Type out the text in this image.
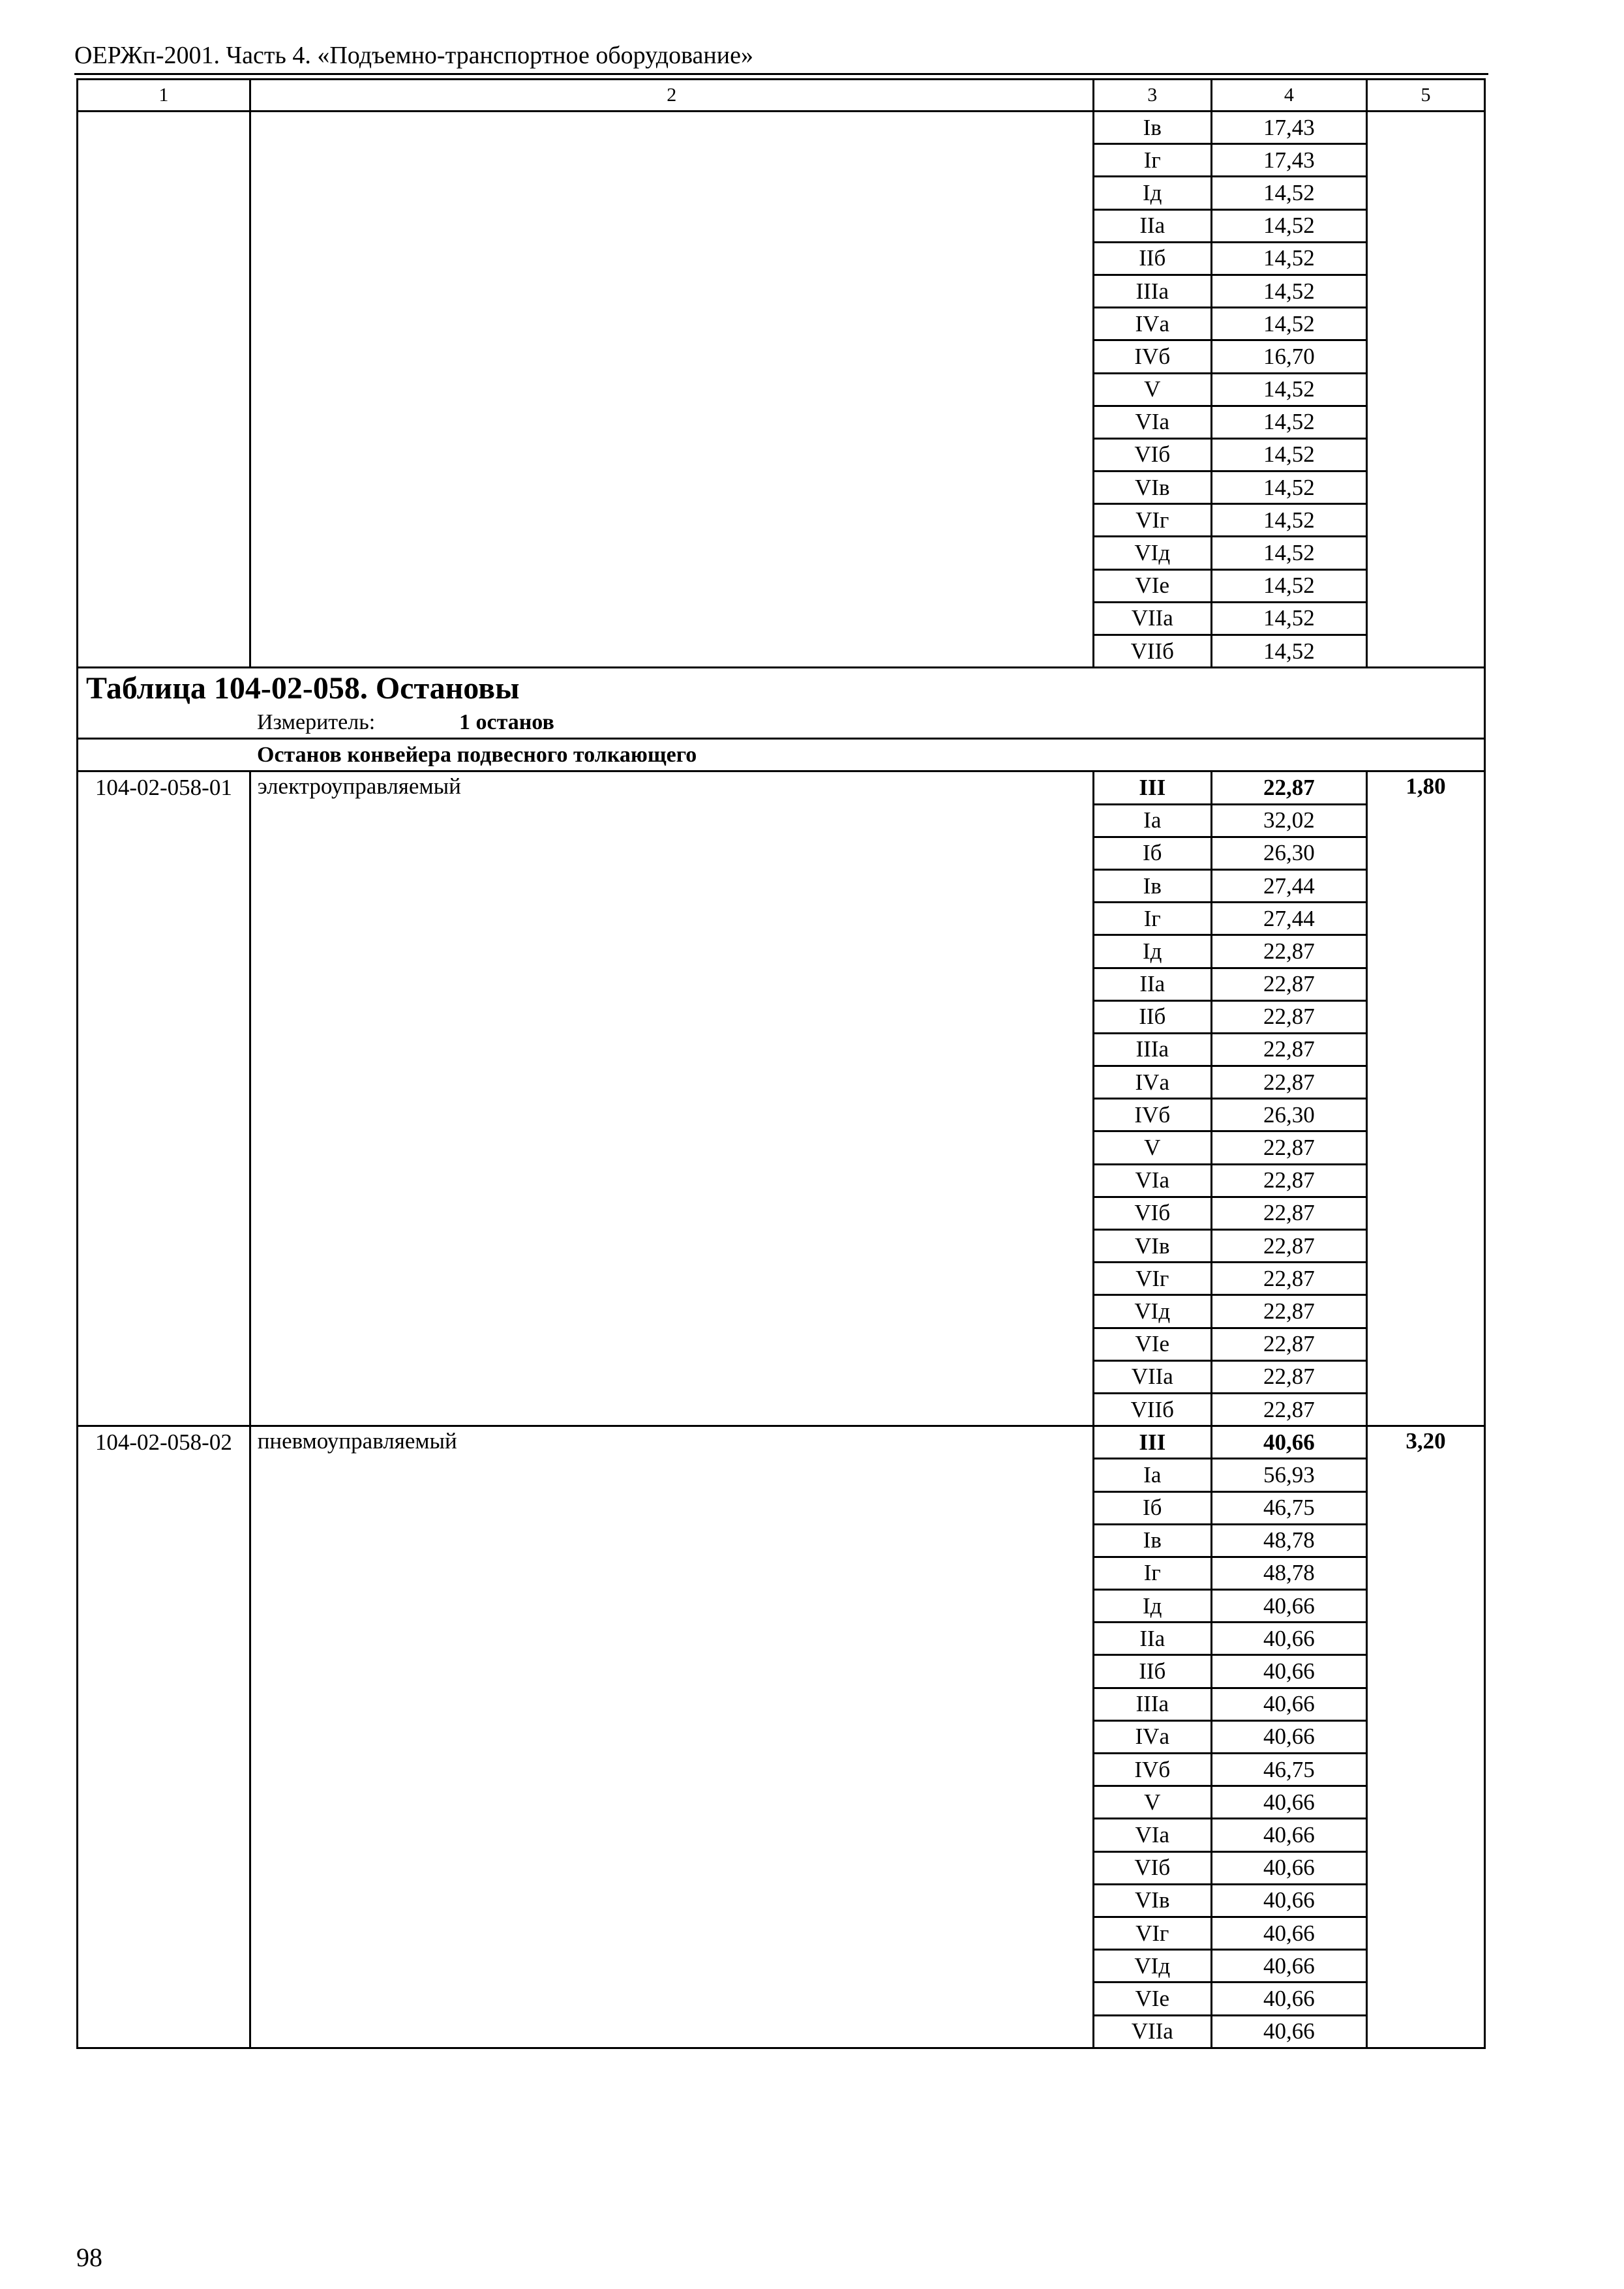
ОЕРЖп-2001. Часть 4. «Подъемно-транспортное оборудование»
1	2	3	4	5
		Iв	17,43	
		Iг	17,43	
		Iд	14,52	
		IIа	14,52	
		IIб	14,52	
		IIIа	14,52	
		IVа	14,52	
		IVб	16,70	
		V	14,52	
		VIа	14,52	
		VIб	14,52	
		VIв	14,52	
		VIг	14,52	
		VIд	14,52	
		VIе	14,52	
		VIIа	14,52	
		VIIб	14,52	

Таблица 104-02-058. Остановы
Измеритель: 1 останов				

Останов конвейера подвесного толкающего				
104-02-058-01	электроуправляемый	III	22,87	1,80
		Iа	32,02	
		Iб	26,30	
		Iв	27,44	
		Iг	27,44	
		Iд	22,87	
		IIа	22,87	
		IIб	22,87	
		IIIа	22,87	
		IVа	22,87	
		IVб	26,30	
		V	22,87	
		VIа	22,87	
		VIб	22,87	
		VIв	22,87	
		VIг	22,87	
		VIд	22,87	
		VIе	22,87	
		VIIа	22,87	
		VIIб	22,87	
104-02-058-02	пневмоуправляемый	III	40,66	3,20
		Iа	56,93	
		Iб	46,75	
		Iв	48,78	
		Iг	48,78	
		Iд	40,66	
		IIа	40,66	
		IIб	40,66	
		IIIа	40,66	
		IVа	40,66	
		IVб	46,75	
		V	40,66	
		VIа	40,66	
		VIб	40,66	
		VIв	40,66	
		VIг	40,66	
		VIд	40,66	
		VIе	40,66	
		VIIа	40,66	
98
